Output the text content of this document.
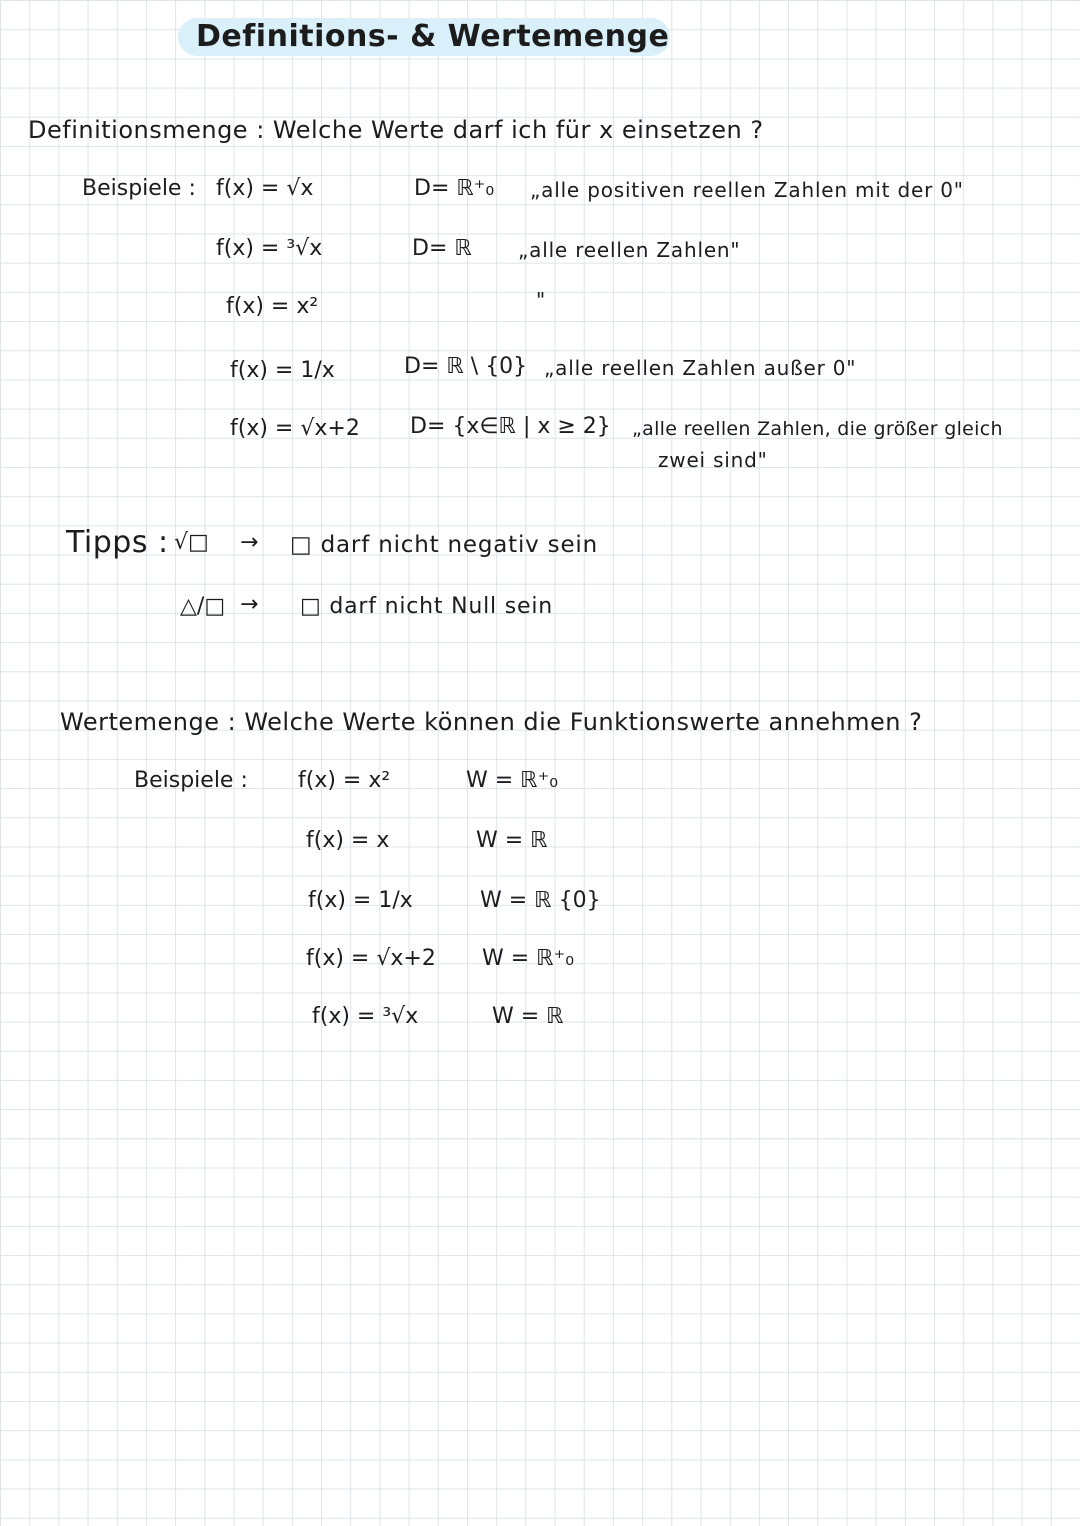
Definitions- & Wertemenge
Definitionsmenge : Welche Werte darf ich für x einsetzen ?
Beispiele : f(x) = √x	D= ℝ⁺₀ „alle positiven reellen Zahlen mit der 0"
f(x) = ³√x	D= ℝ „alle reellen Zahlen"
f(x) = x²	"
f(x) = 1/x	D= ℝ \ {0} „alle reellen Zahlen außer 0"
f(x) = √x+2 D= {x∈ℝ | x ≥ 2} „alle reellen Zahlen, die größer gleich
zwei sind"
Tipps : √□ → □ darf nicht negativ sein
△/□ → □ darf nicht Null sein
Wertemenge : Welche Werte können die Funktionswerte annehmen ?
Beispiele : f(x) = x²	W = ℝ⁺₀
f(x) = x	W = ℝ
f(x) = 1/x	W = ℝ {0}
f(x) = √x+2 W = ℝ⁺₀
f(x) = ³√x	W = ℝ
